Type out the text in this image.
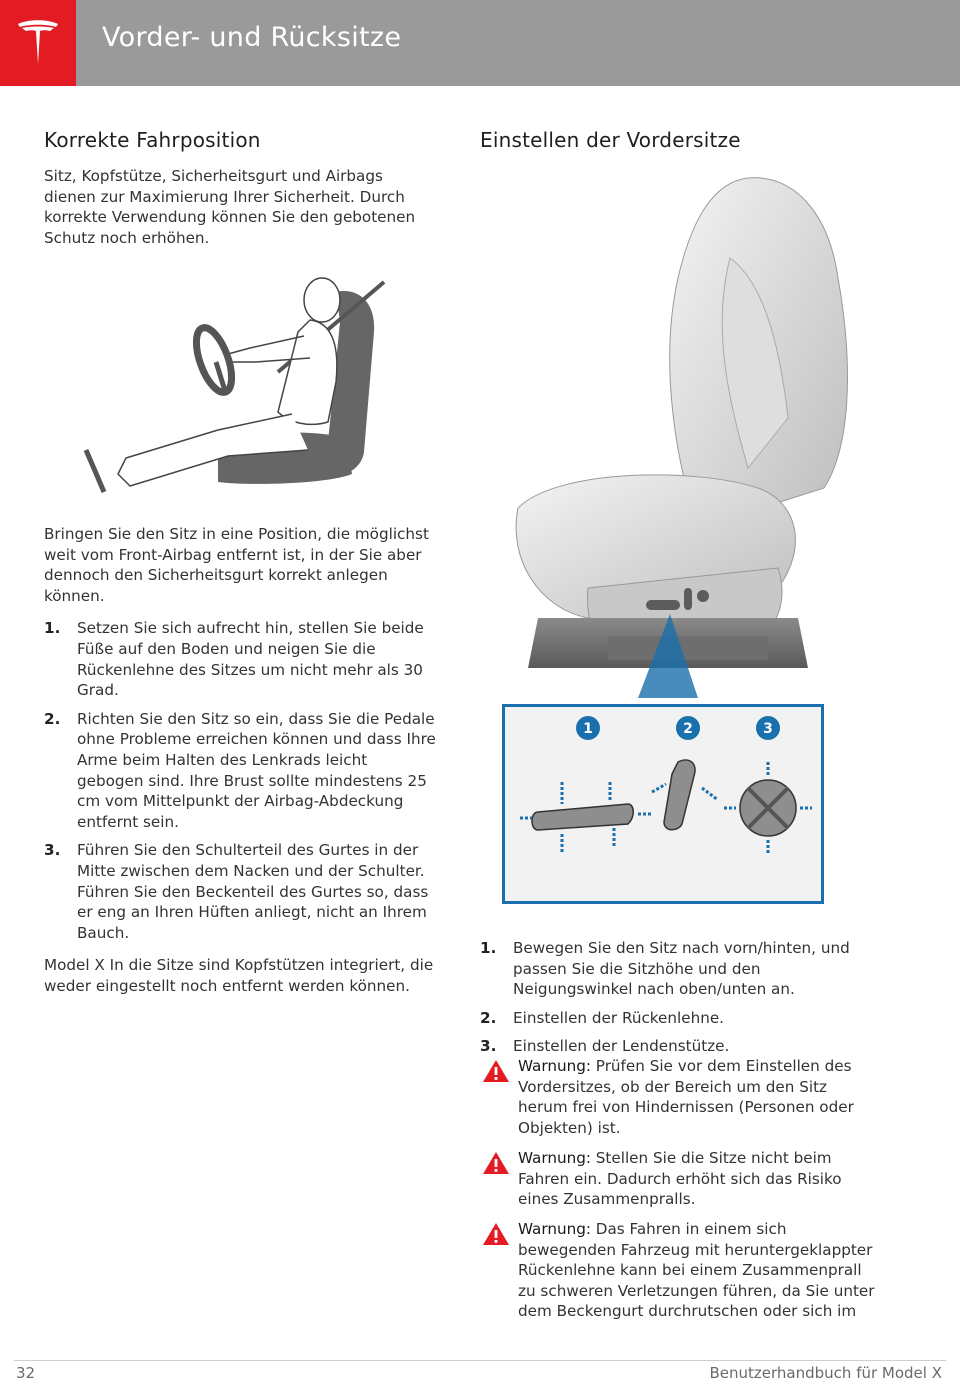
Vorder- und Rücksitze
Korrekte Fahrposition

Sitz, Kopfstütze, Sicherheitsgurt und Airbags dienen zur Maximierung Ihrer Sicherheit. Durch korrekte Verwendung können Sie den gebotenen Schutz noch erhöhen.

Bringen Sie den Sitz in eine Position, die möglichst weit vom Front-Airbag entfernt ist, in der Sie aber dennoch den Sicherheitsgurt korrekt anlegen können.

1. Setzen Sie sich aufrecht hin, stellen Sie beide Füße auf den Boden und neigen Sie die Rückenlehne des Sitzes um nicht mehr als 30 Grad.
2. Richten Sie den Sitz so ein, dass Sie die Pedale ohne Probleme erreichen können und dass Ihre Arme beim Halten des Lenkrads leicht gebogen sind. Ihre Brust sollte mindestens 25 cm vom Mittelpunkt der Airbag-Abdeckung entfernt sein.
3. Führen Sie den Schulterteil des Gurtes in der Mitte zwischen dem Nacken und der Schulter. Führen Sie den Beckenteil des Gurtes so, dass er eng an Ihren Hüften anliegt, nicht an Ihrem Bauch.

Model X In die Sitze sind Kopfstützen integriert, die weder eingestellt noch entfernt werden können.

Einstellen der Vordersitze
1	2	3
1. Bewegen Sie den Sitz nach vorn/hinten, und passen Sie die Sitzhöhe und den Neigungswinkel nach oben/unten an.
2. Einstellen der Rückenlehne.
3. Einstellen der Lendenstütze.
Warnung: Prüfen Sie vor dem Einstellen des Vordersitzes, ob der Bereich um den Sitz herum frei von Hindernissen (Personen oder Objekten) ist.
Warnung: Stellen Sie die Sitze nicht beim Fahren ein. Dadurch erhöht sich das Risiko eines Zusammenpralls.
Warnung: Das Fahren in einem sich bewegenden Fahrzeug mit heruntergeklappter Rückenlehne kann bei einem Zusammenprall zu schweren Verletzungen führen, da Sie unter dem Beckengurt durchrutschen oder sich im
32	Benutzerhandbuch für Model X
